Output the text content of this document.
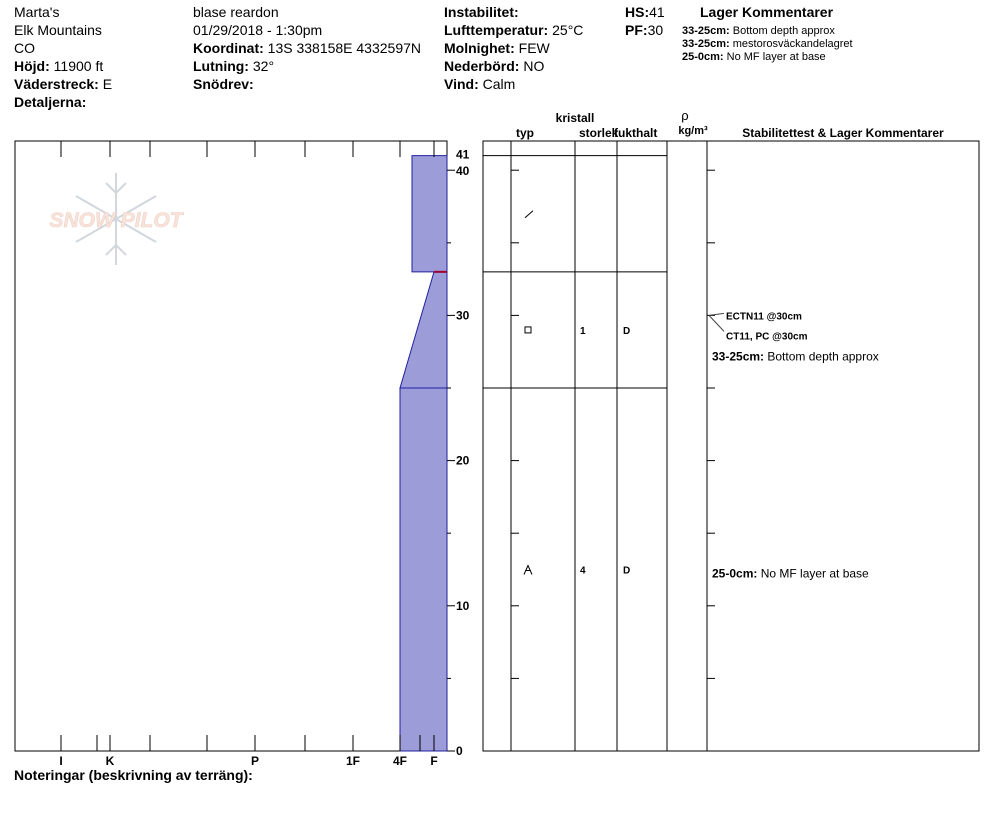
Marta's
Elk Mountains
CO
Höjd: 11900 ft
Väderstreck: E
Detaljerna:
blase reardon
01/29/2018 - 1:30pm
Koordinat: 13S 338158E 4332597N
Lutning: 32°
Snödrev:
Instabilitet:
Lufttemperatur: 25°C
Molnighet: FEW
Nederbörd: NO
Vind: Calm
HS:41
PF:30
Lager Kommentarer
33-25cm: Bottom depth approx
33-25cm: mestorosväckandelagret
25-0cm: No MF layer at base
Noteringar (beskrivning av terräng):
SNOW PILOT
I	K	P	1F	4F F
0
10
20
30
40
41
1	D
4	D
ECTN11 @30cm
CT11, PC @30cm
33-25cm: Bottom depth approx
25-0cm: No MF layer at base
typ
kristall
storlek
fukthalt
ρ
kg/m³	Stabilitettest & Lager Kommentarer
